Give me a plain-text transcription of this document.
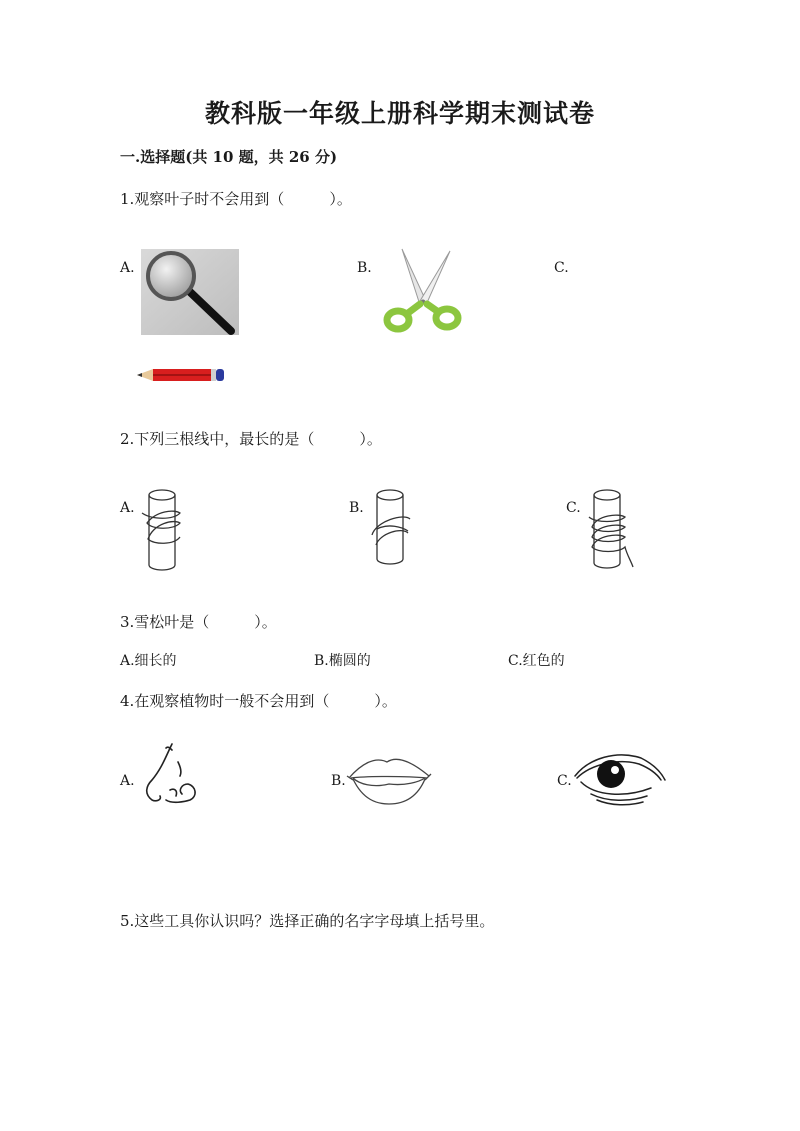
教科版一年级上册科学期末测试卷
一.选择题(共 10 题，共 26 分)
1.观察叶子时不会用到（　　　）。
A.	B.	C.
2.下列三根线中，最长的是（　　　）。
A.	B.	C.
3.雪松叶是（　　　）。
A.细长的	B.椭圆的	C.红色的
4.在观察植物时一般不会用到（　　　）。
A.	B.	C.
5.这些工具你认识吗？选择正确的名字字母填上括号里。
